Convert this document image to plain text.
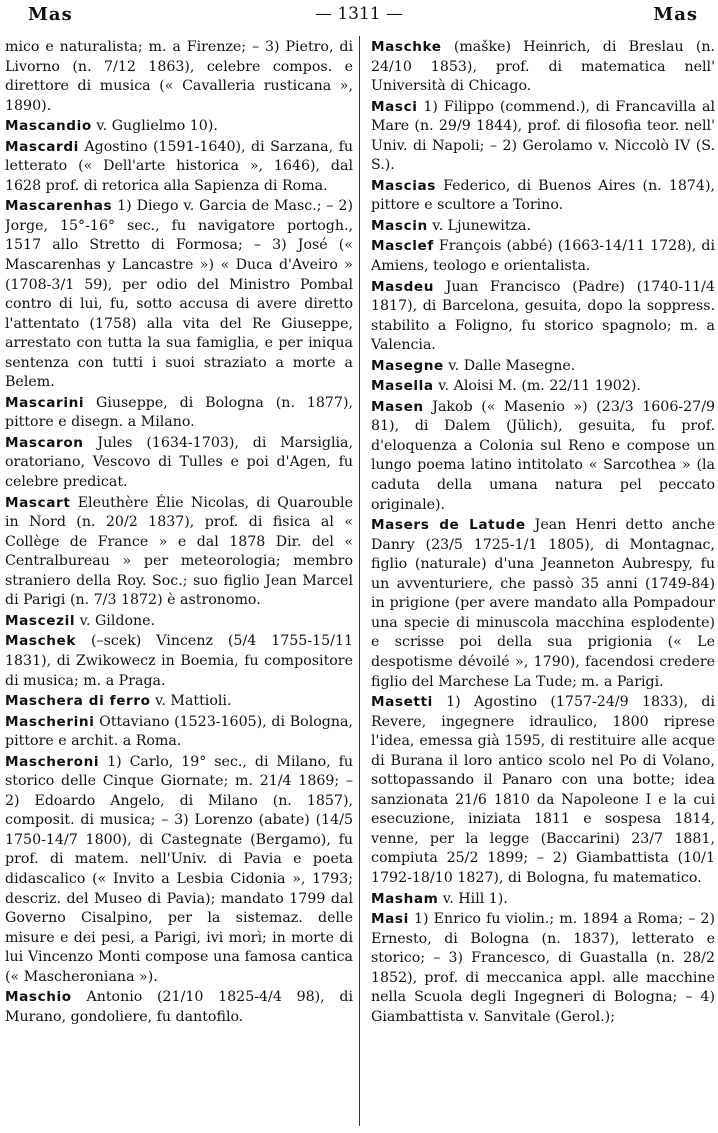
Mas	— 1311 —	Mas

mico e naturalista; m. a Firenze; – 3) Pietro, di Livorno (n. 7/12 1863), celebre compos. e direttore di musica (« Cavalleria rusticana », 1890).

Mascandio v. Guglielmo 10).

Mascardi Agostino (1591-1640), di Sarzana, fu letterato (« Dell'arte historica », 1646), dal 1628 prof. di retorica alla Sapienza di Roma.

Mascarenhas 1) Diego v. Garcia de Masc.; – 2) Jorge, 15°-16° sec., fu navigatore portogh., 1517 allo Stretto di Formosa; – 3) José (« Mascarenhas y Lancastre ») « Duca d'Aveiro » (1708-3/1 59), per odio del Ministro Pombal contro di lui, fu, sotto accusa di avere diretto l'attentato (1758) alla vita del Re Giuseppe, arrestato con tutta la sua famiglia, e per iniqua sentenza con tutti i suoi straziato a morte a Belem.

Mascarini Giuseppe, di Bologna (n. 1877), pittore e disegn. a Milano.

Mascaron Jules (1634-1703), di Marsiglia, oratoriano, Vescovo di Tulles e poi d'Agen, fu celebre predicat.

Mascart Eleuthère Élie Nicolas, di Quarouble in Nord (n. 20/2 1837), prof. di fisica al « Collège de France » e dal 1878 Dir. del « Centralbureau » per meteorologia; membro straniero della Roy. Soc.; suo figlio Jean Marcel di Parigi (n. 7/3 1872) è astronomo.

Mascezil v. Gildone.

Maschek (–scek) Vincenz (5/4 1755-15/11 1831), di Zwikowecz in Boemia, fu compositore di musica; m. a Praga.

Maschera di ferro v. Mattioli.

Mascherini Ottaviano (1523-1605), di Bologna, pittore e archit. a Roma.

Mascheroni 1) Carlo, 19° sec., di Milano, fu storico delle Cinque Giornate; m. 21/4 1869; – 2) Edoardo Angelo, di Milano (n. 1857), composit. di musica; – 3) Lorenzo (abate) (14/5 1750-14/7 1800), di Castegnate (Bergamo), fu prof. di matem. nell'Univ. di Pavia e poeta didascalico (« Invito a Lesbia Cidonia », 1793; descriz. del Museo di Pavia); mandato 1799 dal Governo Cisalpino, per la sistemaz. delle misure e dei pesi, a Parigi, ivi morì; in morte di lui Vincenzo Monti compose una famosa cantica (« Mascheroniana »).

Maschio Antonio (21/10 1825-4/4 98), di Murano, gondoliere, fu dantofilo.

Maschke (maške) Heinrich, di Breslau (n. 24/10 1853), prof. di matematica nell' Università di Chicago.

Masci 1) Filippo (commend.), di Francavilla al Mare (n. 29/9 1844), prof. di filosofia teor. nell' Univ. di Napoli; – 2) Gerolamo v. Niccolò IV (S. S.).

Mascias Federico, di Buenos Aires (n. 1874), pittore e scultore a Torino.

Mascin v. Ljunewitza.

Masclef François (abbé) (1663-14/11 1728), di Amiens, teologo e orientalista.

Masdeu Juan Francisco (Padre) (1740-11/4 1817), di Barcelona, gesuita, dopo la soppress. stabilito a Foligno, fu storico spagnolo; m. a Valencia.

Masegne v. Dalle Masegne.

Masella v. Aloisi M. (m. 22/11 1902).

Masen Jakob (« Masenio ») (23/3 1606-27/9 81), di Dalem (Jülich), gesuita, fu prof. d'eloquenza a Colonia sul Reno e compose un lungo poema latino intitolato « Sarcothea » (la caduta della umana natura pel peccato originale).

Masers de Latude Jean Henri detto anche Danry (23/5 1725-1/1 1805), di Montagnac, figlio (naturale) d'una Jeanneton Aubrespy, fu un avventuriere, che passò 35 anni (1749-84) in prigione (per avere mandato alla Pompadour una specie di minuscola macchina esplodente) e scrisse poi della sua prigionia (« Le despotisme dévoilé », 1790), facendosi credere figlio del Marchese La Tude; m. a Parigi.

Masetti 1) Agostino (1757-24/9 1833), di Revere, ingegnere idraulico, 1800 riprese l'idea, emessa già 1595, di restituire alle acque di Burana il loro antico scolo nel Po di Volano, sottopassando il Panaro con una botte; idea sanzionata 21/6 1810 da Napoleone I e la cui esecuzione, iniziata 1811 e sospesa 1814, venne, per la legge (Baccarini) 23/7 1881, compiuta 25/2 1899; – 2) Giambattista (10/1 1792-18/10 1827), di Bologna, fu matematico.

Masham v. Hill 1).

Masi 1) Enrico fu violin.; m. 1894 a Roma; – 2) Ernesto, di Bologna (n. 1837), letterato e storico; – 3) Francesco, di Guastalla (n. 28/2 1852), prof. di meccanica appl. alle macchine nella Scuola degli Ingegneri di Bologna; – 4) Giambattista v. Sanvitale (Gerol.);
